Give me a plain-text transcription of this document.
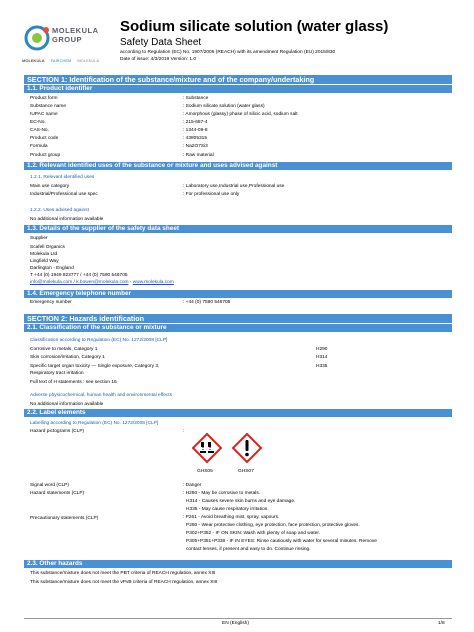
MOLEKULA
GROUP
MOLEKULA FAIRCHEM MOLEKULA
Sodium silicate solution (water glass)
Safety Data Sheet
according to Regulation (EC) No. 1907/2006 (REACH) with its amendment Regulation (EU) 2015/830
Date of issue: 4/3/2019 Version: 1.0
SECTION 1: Identification of the substance/mixture and of the company/undertaking
1.1. Product identifier
Product form	: Substance
Substance name	: Sodium silicate solution (water glass)
IUPAC name	: Amorphous (glassy) phase of silicic acid, sodium salt
EC-No.	: 215-687-4
CAS-No.	: 1344-09-8
Product code	: 43805315
Formula	: Na2O7Si3
Product group	: Raw material
1.2. Relevant identified uses of the substance or mixture and uses advised against
1.2.1. Relevant identified uses
Main use category	: Laboratory use,Industrial use,Professional use
Industrial/Professional use spec	: For professional use only
1.2.2. Uses advised against
No additional information available
1.3. Details of the supplier of the safety data sheet
Supplier
Scafell Organics
Molekula Ltd
Lingfield Way
Darlington - England
T +44 (0) 1949 823777 / +44 (0) 7590 546705
info@molekula.com / k.bowen@molekula.com - www.molekula.com
1.4. Emergency telephone number
Emergency number	: +44 (0) 7590 546705
SECTION 2: Hazards identification
2.1. Classification of the substance or mixture
Classification according to Regulation (EC) No. 1272/2008 [CLP]
Corrosive to metals, Category 1	H290
Skin corrosion/irritation, Category 1	H314
Specific target organ toxicity — Single exposure, Category 3,	H335
Respiratory tract irritation
Full text of H statements : see section 16
Adverse physicochemical, human health and environmental effects
No additional information available
2.2. Label elements
Labelling according to Regulation (EC) No. 1272/2008 [CLP]
Hazard pictograms (CLP)	:
GHS05	GHS07
Signal word (CLP)	: Danger
Hazard statements (CLP)	: H290 - May be corrosive to metals.
H314 - Causes severe skin burns and eye damage.
H335 - May cause respiratory irritation.
Precautionary statements (CLP)	: P261 - Avoid breathing mist, spray, vapours.
P280 - Wear protective clothing, eye protection, face protection, protective gloves.
P302+P352 - IF ON SKIN: Wash with plenty of soap and water.
P305+P351+P338 - IF IN EYES: Rinse cautiously with water for several minutes. Remove
contact lenses, if present and easy to do. Continue rinsing.
2.3. Other hazards
This substance/mixture does not meet the PBT criteria of REACH regulation, annex XIII
This substance/mixture does not meet the vPvB criteria of REACH regulation, annex XIII
EN (English)	1/8
